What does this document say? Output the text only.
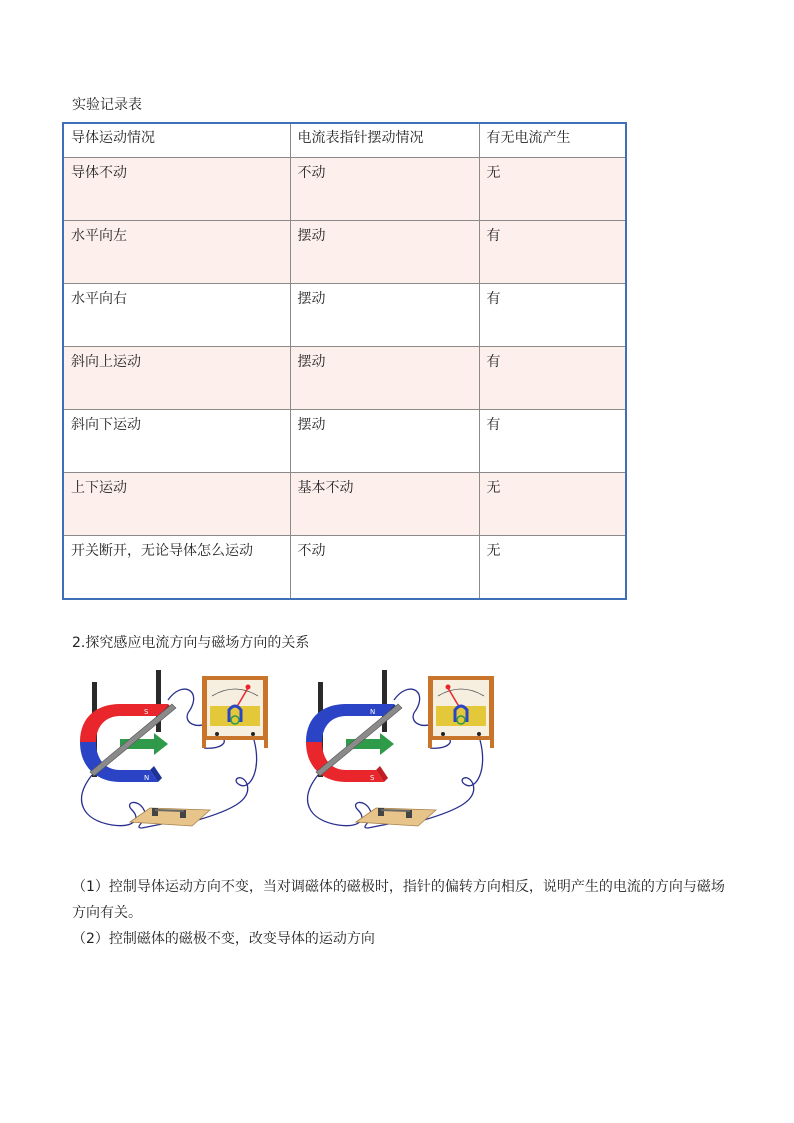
实验记录表
导体运动情况	电流表指针摆动情况	有无电流产生
导体不动	不动	无
水平向左	摆动	有
水平向右	摆动	有
斜向上运动	摆动	有
斜向下运动	摆动	有
上下运动	基本不动	无
开关断开，无论导体怎么运动	不动	无
2.探究感应电流方向与磁场方向的关系
S
N
N
S
（1）控制导体运动方向不变，当对调磁体的磁极时，指针的偏转方向相反，说明产生的电流的方向与磁场方向有关。
（2）控制磁体的磁极不变，改变导体的运动方向
